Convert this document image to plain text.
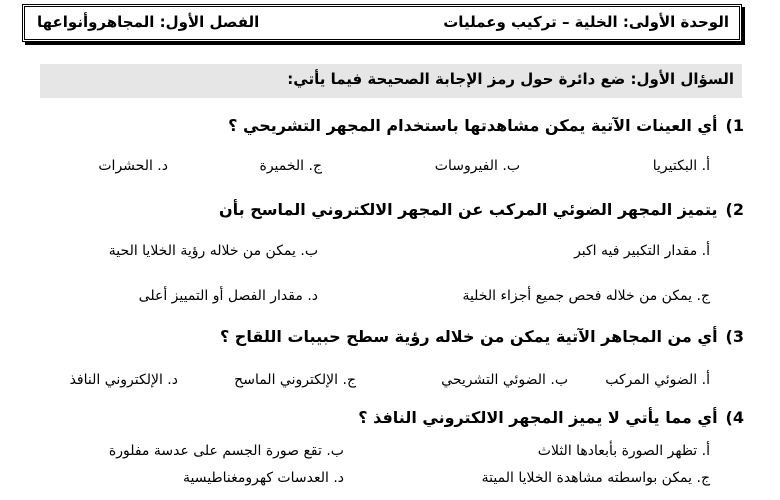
الوحدة الأولى: الخلية – تركيب وعمليات
الفصل الأول: المجاهروأنواعها
السؤال الأول: ضع دائرة حول رمز الإجابة الصحيحة فيما يأتي:
1)أي العينات الآتية يمكن مشاهدتها باستخدام المجهر التشريحي ؟
أ. البكتيريا
ب. الفيروسات
ج. الخميرة
د. الحشرات
2)يتميز المجهر الضوئي المركب عن المجهر الالكتروني الماسح بأن
أ. مقدار التكبير فيه اكبر
ب. يمكن من خلاله رؤية الخلايا الحية
ج. يمكن من خلاله فحص جميع أجزاء الخلية
د. مقدار الفصل أو التمييز أعلى
3)أي من المجاهر الآتية يمكن من خلاله رؤية سطح حبيبات اللقاح ؟
أ. الضوئي المركب
ب. الضوئي التشريحي
ج. الإلكتروني الماسح
د. الإلكتروني النافذ
4)أي مما يأتي لا يميز المجهر الالكتروني النافذ ؟
أ. تظهر الصورة بأبعادها الثلاث
ب. تقع صورة الجسم على عدسة مفلورة
ج. يمكن بواسطته مشاهدة الخلايا الميتة
د. العدسات كهرومغناطيسية
